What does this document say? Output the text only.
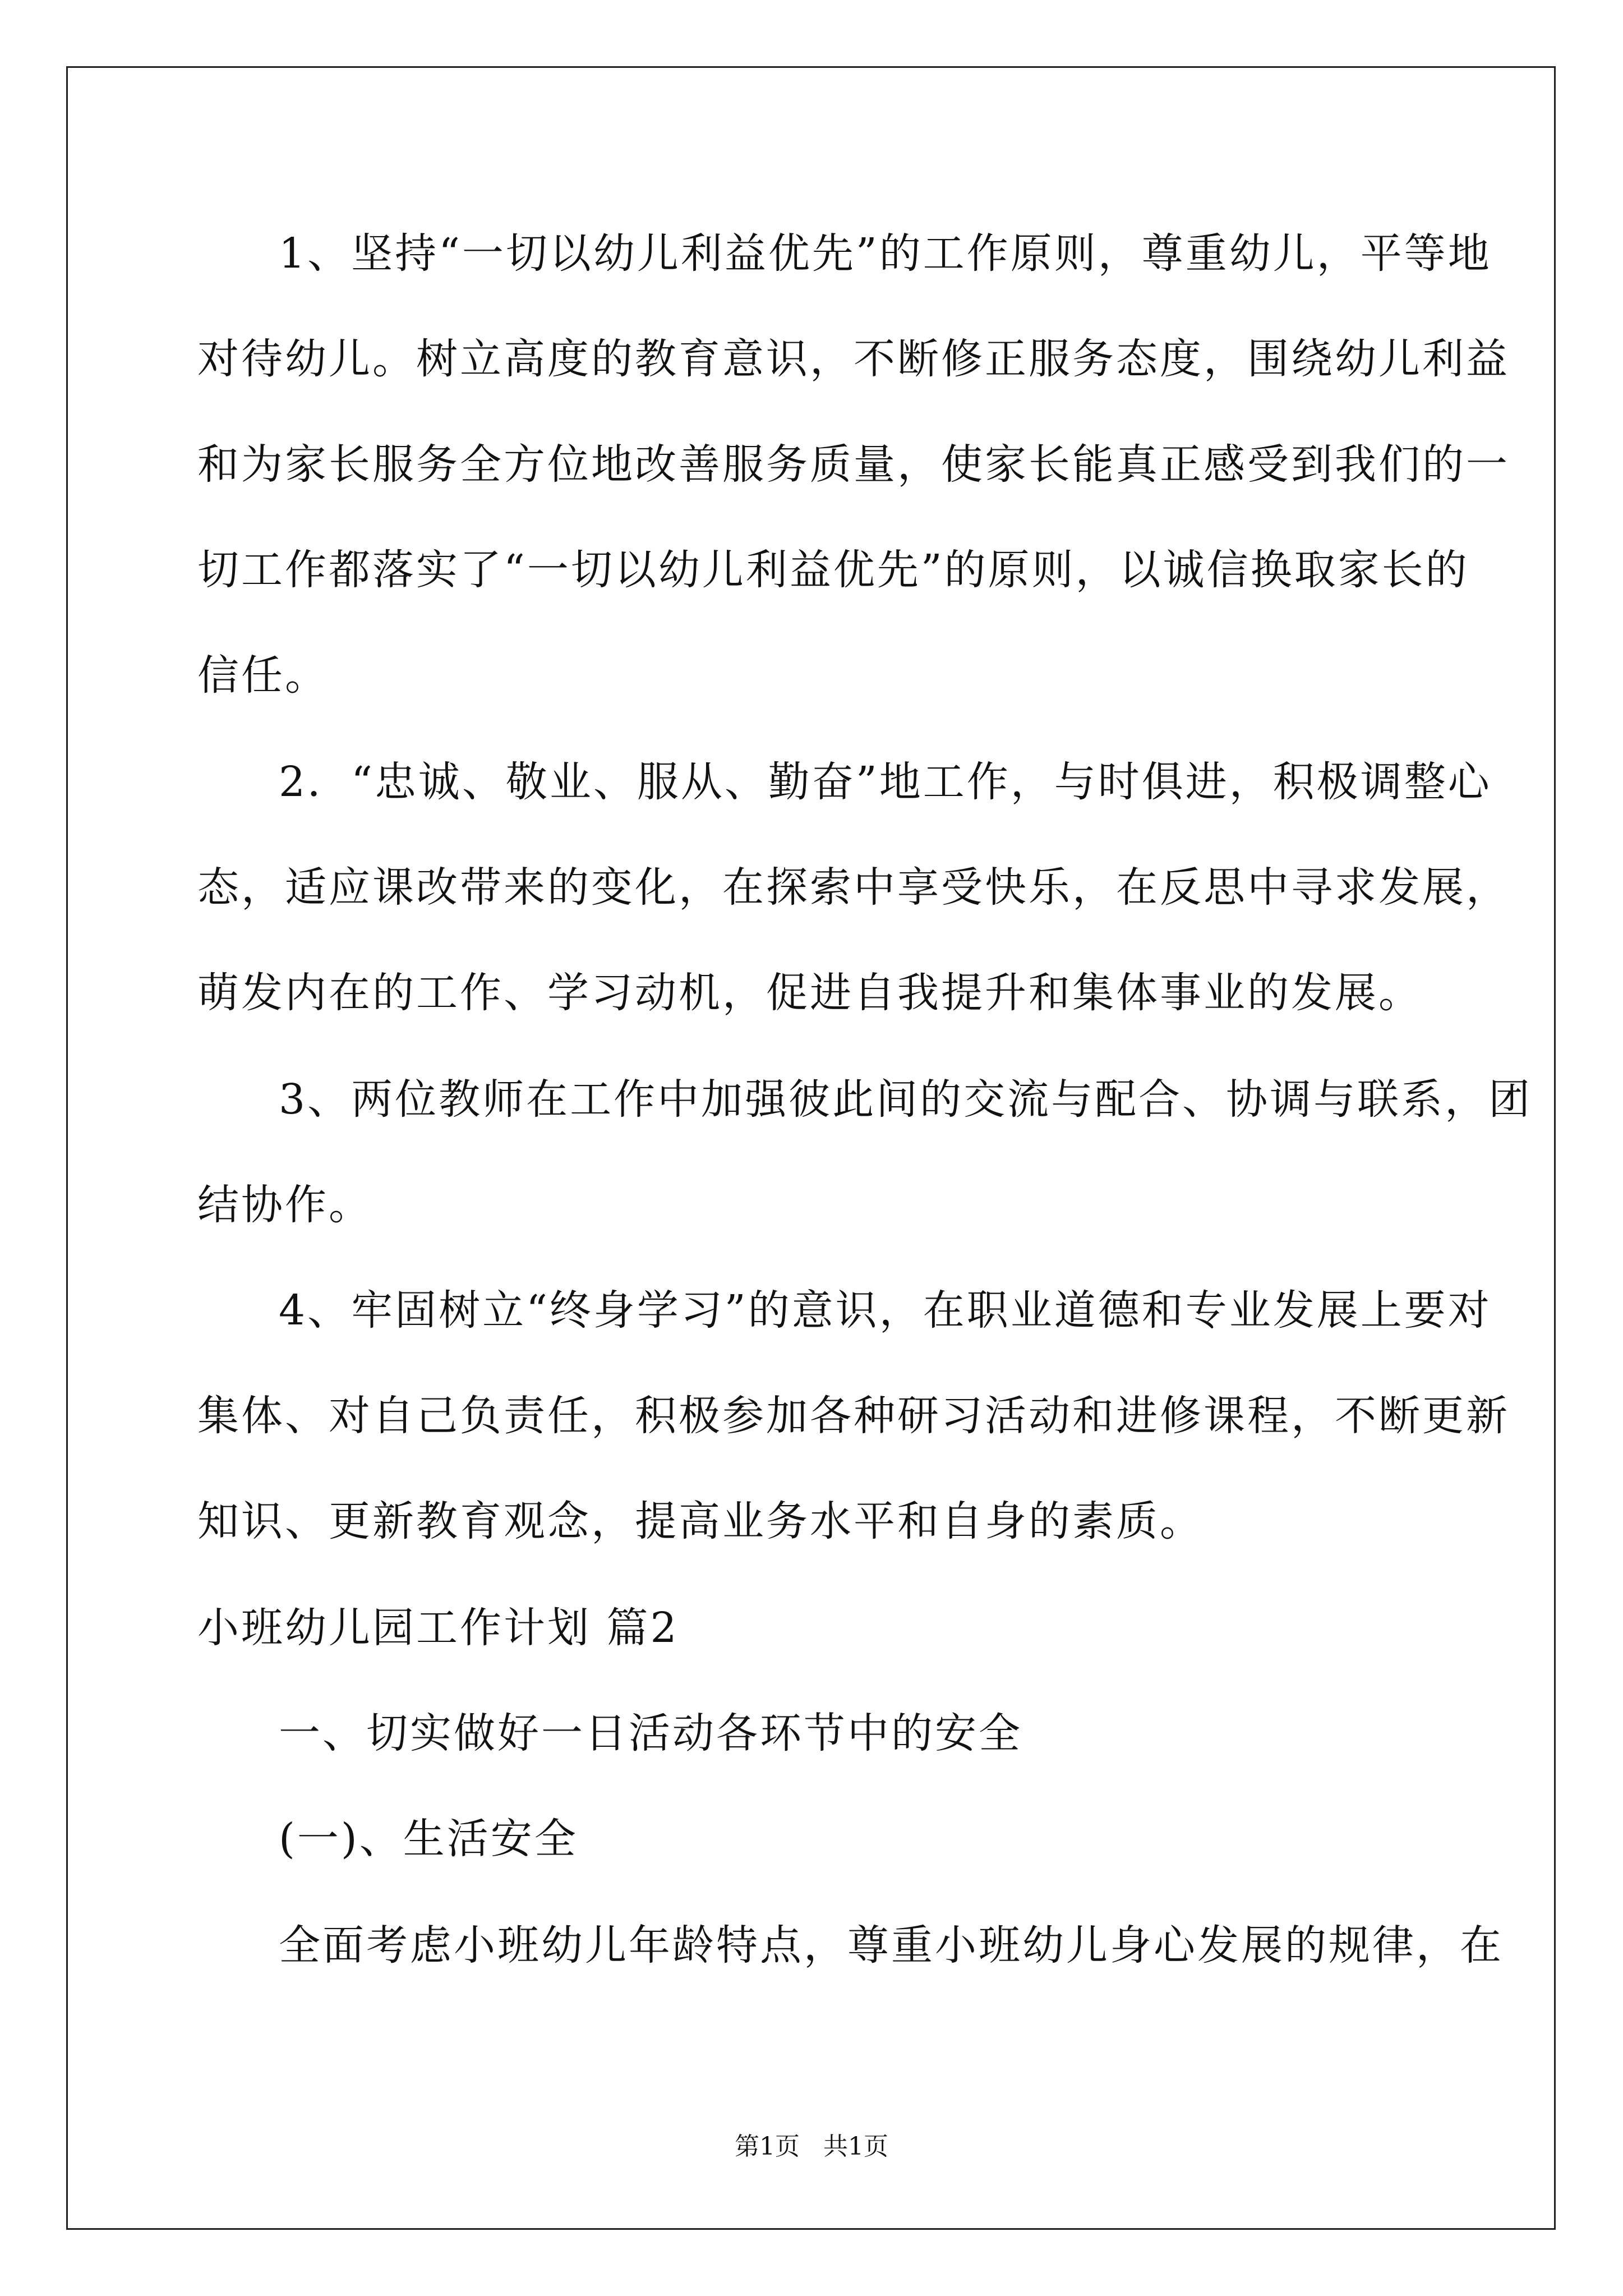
1、坚持“一切以幼儿利益优先”的工作原则，尊重幼儿，平等地
对待幼儿。树立高度的教育意识，不断修正服务态度，围绕幼儿利益
和为家长服务全方位地改善服务质量，使家长能真正感受到我们的一
切工作都落实了“一切以幼儿利益优先”的原则，以诚信换取家长的
信任。
2．“忠诚、敬业、服从、勤奋”地工作，与时俱进，积极调整心
态，适应课改带来的变化，在探索中享受快乐，在反思中寻求发展，
萌发内在的工作、学习动机，促进自我提升和集体事业的发展。
3、两位教师在工作中加强彼此间的交流与配合、协调与联系，团
结协作。
4、牢固树立“终身学习”的意识，在职业道德和专业发展上要对
集体、对自己负责任，积极参加各种研习活动和进修课程，不断更新
知识、更新教育观念，提高业务水平和自身的素质。
小班幼儿园工作计划 篇2
一、切实做好一日活动各环节中的安全
(一)、生活安全
全面考虑小班幼儿年龄特点，尊重小班幼儿身心发展的规律，在
第1页   共1页
